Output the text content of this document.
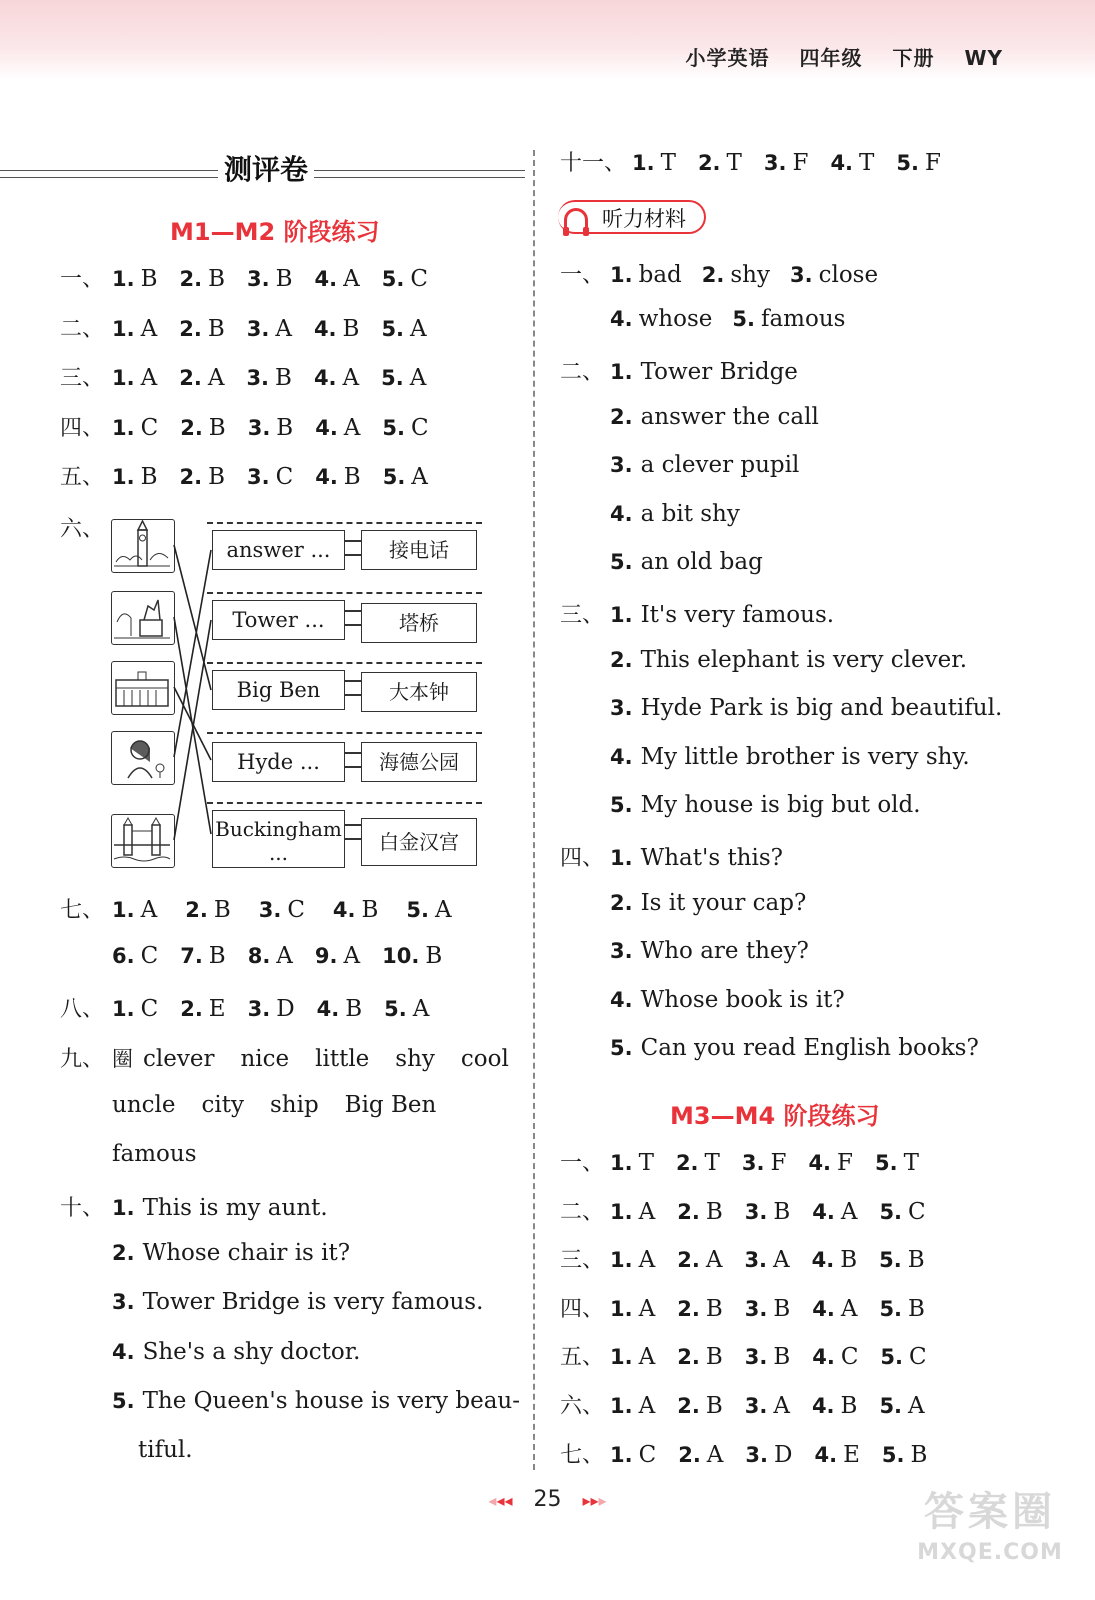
小学英语 四年级 下册 WY
测评卷
M1—M2 阶段练习
一、 1. B 2. B 3. B 4. A 5. C
二、 1. A 2. B 3. A 4. B 5. A
三、 1. A 2. A 3. B 4. A 5. A
四、 1. C 2. B 3. B 4. A 5. C
五、 1. B 2. B 3. C 4. B 5. A
六、
answer ...	接电话
Tower ...	塔桥
Big Ben	大本钟
Hyde ...	海德公园
Buckingham ...	白金汉宫
七、 1. A 2. B 3. C 4. B 5. A
6. C 7. B 8. A 9. A 10. B
八、 1. C 2. E 3. D 4. B 5. A
九、 圈 clever nice little shy cool
uncle city ship Big Ben
famous
十、 1. This is my aunt.
2. Whose chair is it?
3. Tower Bridge is very famous.
4. She's a shy doctor.
5. The Queen's house is very beau-
tiful.
十一、 1. T 2. T 3. F 4. T 5. F
听力材料
一、 1. bad 2. shy 3. close
4. whose 5. famous
二、 1. Tower Bridge
2. answer the call
3. a clever pupil
4. a bit shy
5. an old bag
三、 1. It's very famous.
2. This elephant is very clever.
3. Hyde Park is big and beautiful.
4. My little brother is very shy.
5. My house is big but old.
四、 1. What's this?
2. Is it your cap?
3. Who are they?
4. Whose book is it?
5. Can you read English books?
M3—M4 阶段练习
一、 1. T 2. T 3. F 4. F 5. T
二、 1. A 2. B 3. B 4. A 5. C
三、 1. A 2. A 3. A 4. B 5. B
四、 1. A 2. B 3. B 4. A 5. B
五、 1. A 2. B 3. B 4. C 5. C
六、 1. A 2. B 3. A 4. B 5. A
七、 1. C 2. A 3. D 4. E 5. B
◂◂◂ 25 ▸▸▸	答案圈
MXQE.COM
